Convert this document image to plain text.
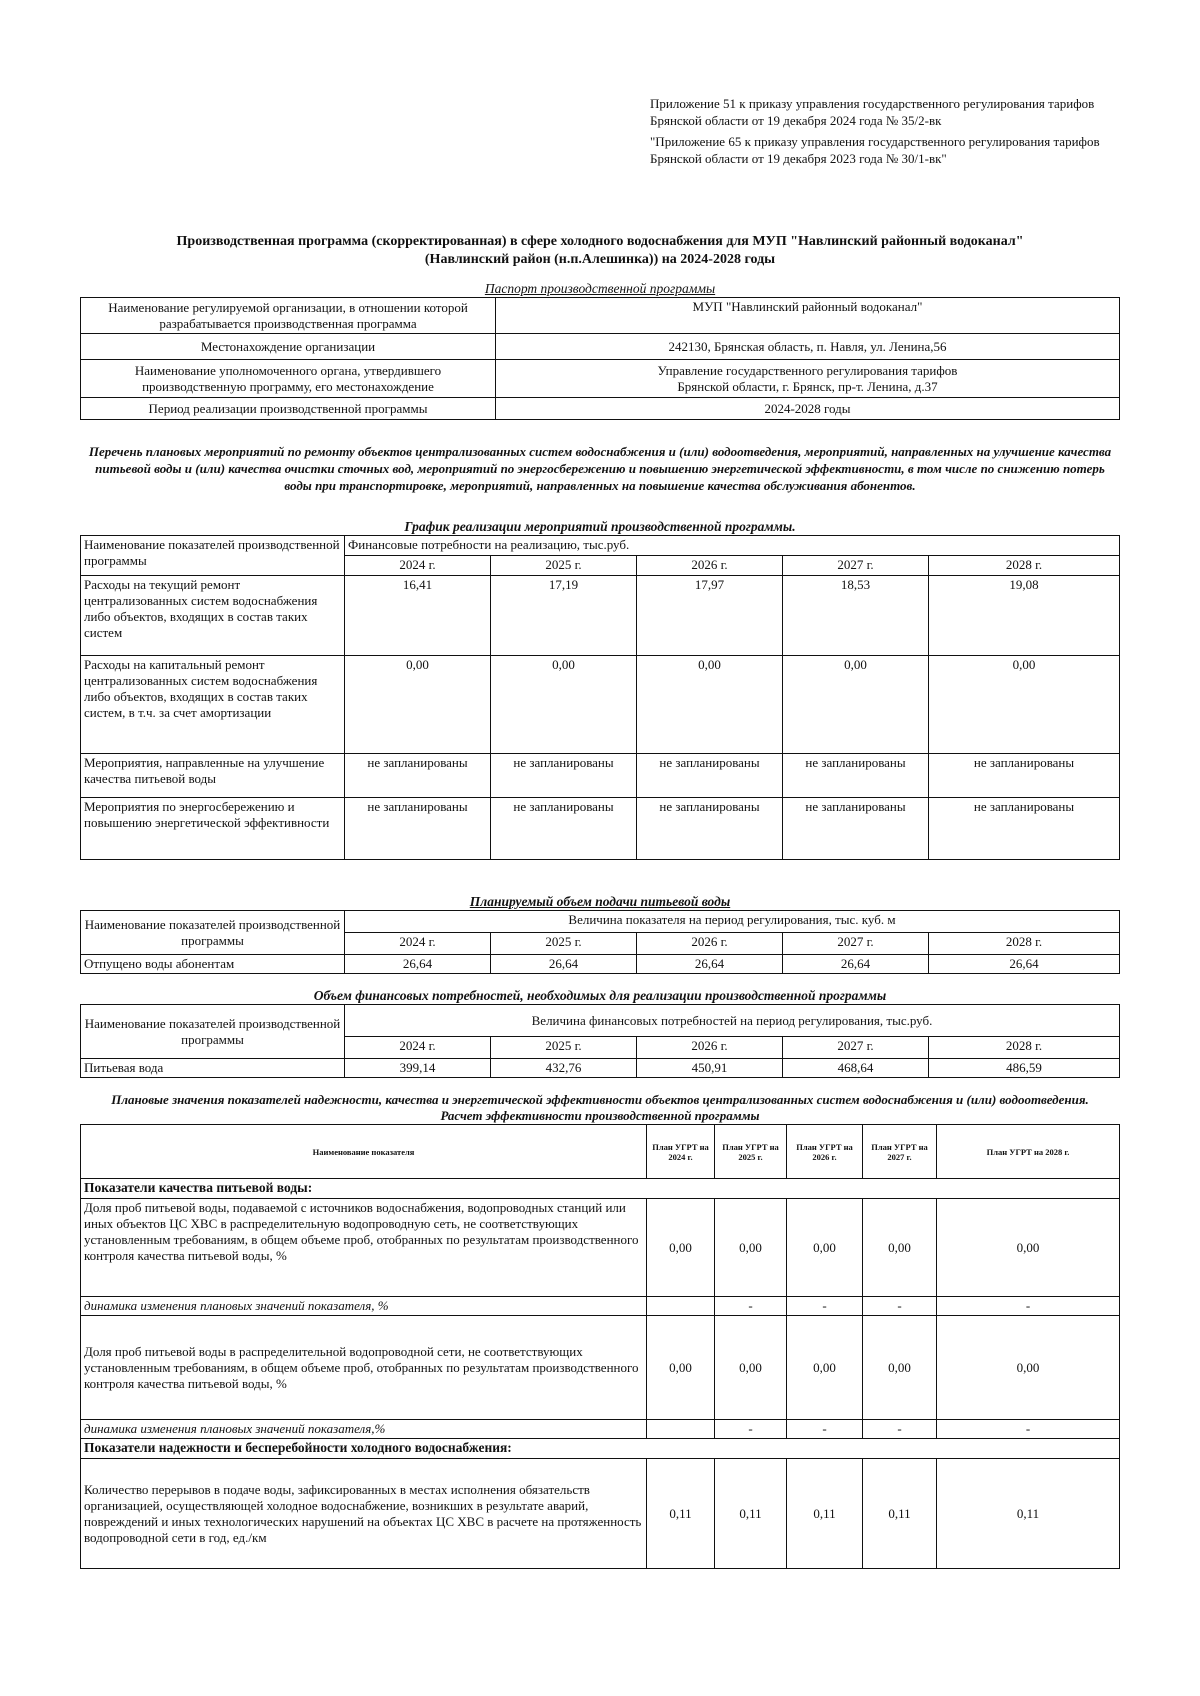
Приложение 51 к приказу управления государственного регулирования тарифов Брянской области от 19 декабря 2024 года № 35/2-вк

"Приложение 65 к приказу управления государственного регулирования тарифов Брянской области от 19 декабря 2023 года № 30/1-вк"

Производственная программа (скорректированная) в сфере холодного водоснабжения для МУП "Навлинский районный водоканал"
(Навлинский район (н.п.Алешинка)) на 2024-2028 годы
Паспорт производственной программы
Наименование регулируемой организации, в отношении которой разрабатывается производственная программа	МУП "Навлинский районный водоканал"
Местонахождение организации	242130, Брянская область, п. Навля, ул. Ленина,56
Наименование уполномоченного органа, утвердившего производственную программу, его местонахождение	Управление государственного регулирования тарифов Брянской области, г. Брянск, пр-т. Ленина, д.37
Период реализации производственной программы	2024-2028 годы
Перечень плановых мероприятий по ремонту объектов централизованных систем водоснабжения и (или) водоотведения, мероприятий, направленных на улучшение качества питьевой воды и (или) качества очистки сточных вод, мероприятий по энергосбережению и повышению энергетической эффективности, в том числе по снижению потерь воды при транспортировке, мероприятий, направленных на повышение качества обслуживания абонентов.
График реализации мероприятий производственной программы.
Наименование показателей производственной программы	Финансовые потребности на реализацию, тыс.руб.				
	2024 г.	2025 г.	2026 г.	2027 г.	2028 г.
Расходы на текущий ремонт централизованных систем водоснабжения либо объектов, входящих в состав таких систем	16,41	17,19	17,97	18,53	19,08
Расходы на капитальный ремонт централизованных систем водоснабжения либо объектов, входящих в состав таких систем, в т.ч. за счет амортизации	0,00	0,00	0,00	0,00	0,00
Мероприятия, направленные на улучшение качества питьевой воды	не запланированы	не запланированы	не запланированы	не запланированы	не запланированы
Мероприятия по энергосбережению и повышению энергетической эффективности	не запланированы	не запланированы	не запланированы	не запланированы	не запланированы
Планируемый объем подачи питьевой воды
Наименование показателей производственной программы	Величина показателя на период регулирования, тыс. куб. м				
	2024 г.	2025 г.	2026 г.	2027 г.	2028 г.
Отпущено воды абонентам	26,64	26,64	26,64	26,64	26,64
Объем финансовых потребностей, необходимых для реализации производственной программы
Наименование показателей производственной программы	Величина финансовых потребностей на период регулирования, тыс.руб.				
	2024 г.	2025 г.	2026 г.	2027 г.	2028 г.
Питьевая вода	399,14	432,76	450,91	468,64	486,59
Плановые значения показателей надежности, качества и энергетической эффективности объектов централизованных систем водоснабжения и (или) водоотведения.
Расчет эффективности производственной программы
Наименование показателя	План УГРТ на 2024 г.	План УГРТ на 2025 г.	План УГРТ на 2026 г.	План УГРТ на 2027 г.	План УГРТ на 2028 г.
Показатели качества питьевой воды:					
Доля проб питьевой воды, подаваемой с источников водоснабжения, водопроводных станций или иных объектов ЦС ХВС в распределительную водопроводную сеть, не соответствующих установленным требованиям, в общем объеме проб, отобранных по результатам производственного контроля качества питьевой воды, %	0,00	0,00	0,00	0,00	0,00
динамика изменения плановых значений показателя, %		-	-	-	-
Доля проб питьевой воды в распределительной водопроводной сети, не соответствующих установленным требованиям, в общем объеме проб, отобранных по результатам производственного контроля качества питьевой воды, %	0,00	0,00	0,00	0,00	0,00
динамика изменения плановых значений показателя,%		-	-	-	-
Показатели надежности и бесперебойности холодного водоснабжения:					
Количество перерывов в подаче воды, зафиксированных в местах исполнения обязательств организацией, осуществляющей холодное водоснабжение, возникших в результате аварий, повреждений и иных технологических нарушений на объектах ЦС ХВС в расчете на протяженность водопроводной сети в год, ед./км	0,11	0,11	0,11	0,11	0,11
